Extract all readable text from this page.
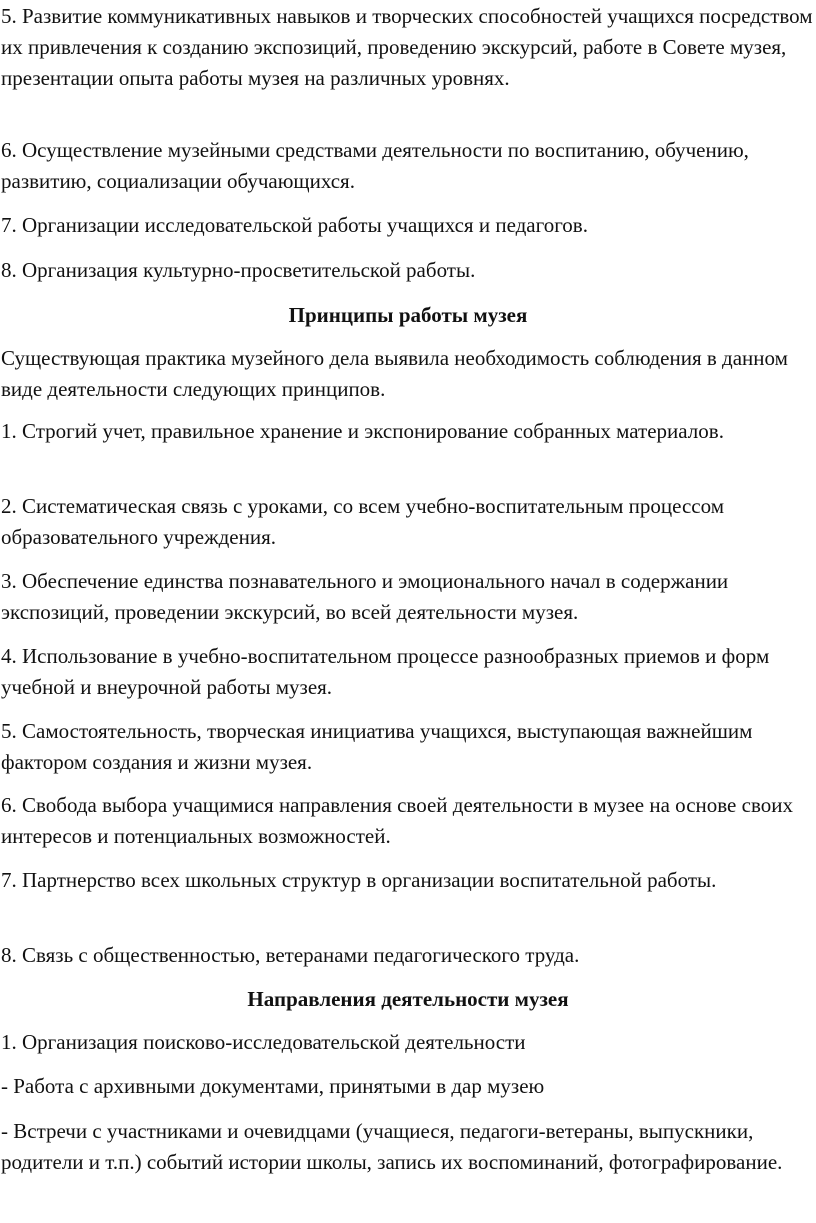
5. Развитие коммуникативных навыков и творческих способностей учащихся посредством их привлечения к созданию экспозиций, проведению экскурсий, работе в Совете музея, презентации опыта работы музея на различных уровнях.

6. Осуществление музейными средствами деятельности по воспитанию, обучению, развитию, социализации обучающихся.

7. Организации исследовательской работы учащихся и педагогов.

8. Организация культурно-просветительской работы.

Принципы работы музея

Существующая практика музейного дела выявила необходимость соблюдения в данном виде деятельности следующих принципов.

1. Строгий учет, правильное хранение и экспонирование собранных материалов.

2. Систематическая связь с уроками, со всем учебно-воспитательным процессом образовательного учреждения.

3. Обеспечение единства познавательного и эмоционального начал в содержании экспозиций, проведении экскурсий, во всей деятельности музея.

4. Использование в учебно-воспитательном процессе разнообразных приемов и форм учебной и внеурочной работы музея.

5. Самостоятельность, творческая инициатива учащихся, выступающая важнейшим фактором создания и жизни музея.

6. Свобода выбора учащимися направления своей деятельности в музее на основе своих интересов и потенциальных возможностей.

7. Партнерство всех школьных структур в организации воспитательной работы.

8. Связь с общественностью, ветеранами педагогического труда.

Направления деятельности музея

1. Организация поисково-исследовательской деятельности

- Работа с архивными документами, принятыми в дар музею

- Встречи с участниками и очевидцами (учащиеся, педагоги-ветераны, выпускники, родители и т.п.) событий истории школы, запись их воспоминаний, фотографирование.
